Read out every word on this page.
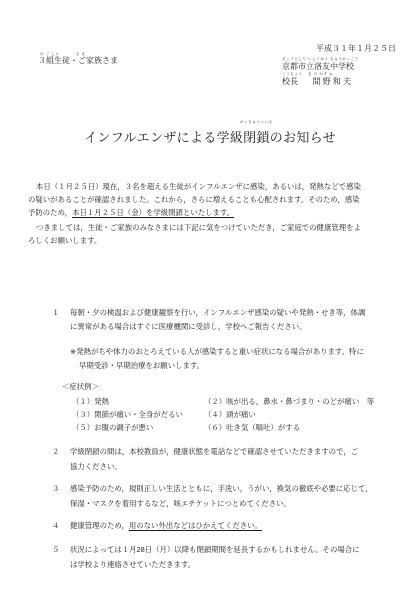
平成３１年１月２５日
ほ ご しゃ　　　　さ ま
３組生徒・ご家族さま	きょうとしりつ らくゆう ちゅうがっこう
京都市立洛友中学校
こうちょう　 ま の かず お
校長 間 野 和 夫
がっきゅうへいさ
インフルエンザによる学級閉鎖のお知らせ
本日（１月２５日）現在，３名を超える生徒がインフルエンザに感染，あるいは，発熱などで感染
の疑いがあることが確認されました。これから，さらに増えることも心配されます。そのため，感染
予防のため，本日１月２５日（金）を学級閉鎖といたします。
つきましては，生徒・ご家族のみなさまには下記に気をつけていただき，ご家庭での健康管理をよ
ろしくお願いします。
１	毎朝・夕の検温および健康観察を行い，インフルエンザ感染の疑いや発熱・せき等，体調
に異常がある場合はすぐに医療機関に受診し，学校へご報告ください。
※発熱がちや体力のおとろえている人が感染すると重い症状になる場合があります。特に
早期受診・早期治療をお願いします。
＜症状例＞
（１）発熱	（２）咳が出る，鼻水・鼻づまり・のどが痛い　等
（３）関節が痛い・全身がだるい	（４）頭が痛い
（５）お腹の調子が悪い	（６）吐き気（嘔吐）がする
２	学級閉鎖の間は，本校教員が，健康状態を電話などで確認させていただきますので，ご
協力ください。
３	感染予防のため，規則正しい生活とともに，手洗い，うがい，換気の徹底や必要に応じて，
保湿・マスクを着用するなど，咳エチケットにつとめてください。
４	健康管理のため，用のない外出などはひかえてください。
５	状況によっては１月28日（月）以降も閉鎖期間を延長するかもしれません。その場合に
は学校より連絡させていただきます。
